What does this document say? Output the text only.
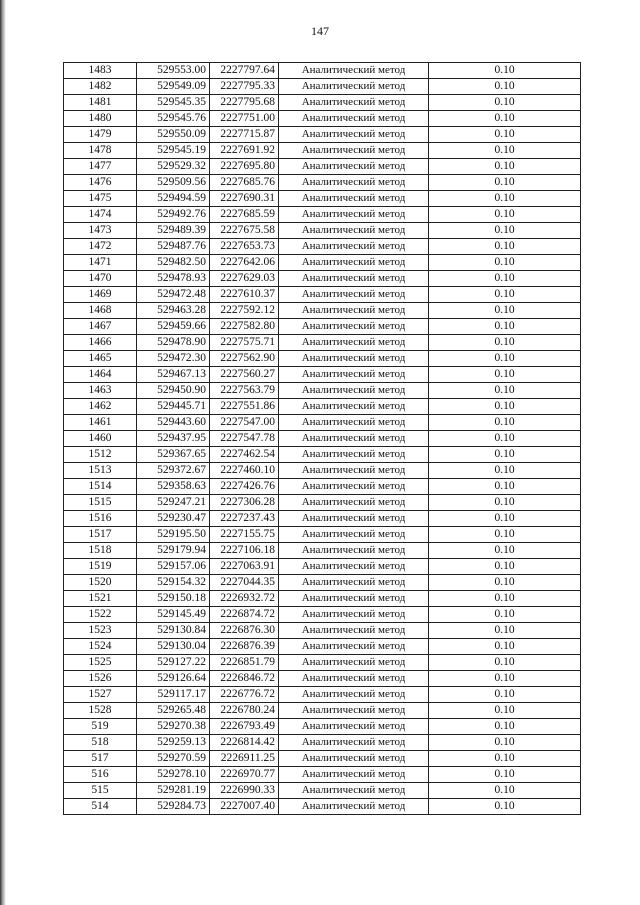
147
1483	529553.00	2227797.64	Аналитический метод	0.10
1482	529549.09	2227795.33	Аналитический метод	0.10
1481	529545.35	2227795.68	Аналитический метод	0.10
1480	529545.76	2227751.00	Аналитический метод	0.10
1479	529550.09	2227715.87	Аналитический метод	0.10
1478	529545.19	2227691.92	Аналитический метод	0.10
1477	529529.32	2227695.80	Аналитический метод	0.10
1476	529509.56	2227685.76	Аналитический метод	0.10
1475	529494.59	2227690.31	Аналитический метод	0.10
1474	529492.76	2227685.59	Аналитический метод	0.10
1473	529489.39	2227675.58	Аналитический метод	0.10
1472	529487.76	2227653.73	Аналитический метод	0.10
1471	529482.50	2227642.06	Аналитический метод	0.10
1470	529478.93	2227629.03	Аналитический метод	0.10
1469	529472.48	2227610.37	Аналитический метод	0.10
1468	529463.28	2227592.12	Аналитический метод	0.10
1467	529459.66	2227582.80	Аналитический метод	0.10
1466	529478.90	2227575.71	Аналитический метод	0.10
1465	529472.30	2227562.90	Аналитический метод	0.10
1464	529467.13	2227560.27	Аналитический метод	0.10
1463	529450.90	2227563.79	Аналитический метод	0.10
1462	529445.71	2227551.86	Аналитический метод	0.10
1461	529443.60	2227547.00	Аналитический метод	0.10
1460	529437.95	2227547.78	Аналитический метод	0.10
1512	529367.65	2227462.54	Аналитический метод	0.10
1513	529372.67	2227460.10	Аналитический метод	0.10
1514	529358.63	2227426.76	Аналитический метод	0.10
1515	529247.21	2227306.28	Аналитический метод	0.10
1516	529230.47	2227237.43	Аналитический метод	0.10
1517	529195.50	2227155.75	Аналитический метод	0.10
1518	529179.94	2227106.18	Аналитический метод	0.10
1519	529157.06	2227063.91	Аналитический метод	0.10
1520	529154.32	2227044.35	Аналитический метод	0.10
1521	529150.18	2226932.72	Аналитический метод	0.10
1522	529145.49	2226874.72	Аналитический метод	0.10
1523	529130.84	2226876.30	Аналитический метод	0.10
1524	529130.04	2226876.39	Аналитический метод	0.10
1525	529127.22	2226851.79	Аналитический метод	0.10
1526	529126.64	2226846.72	Аналитический метод	0.10
1527	529117.17	2226776.72	Аналитический метод	0.10
1528	529265.48	2226780.24	Аналитический метод	0.10
519	529270.38	2226793.49	Аналитический метод	0.10
518	529259.13	2226814.42	Аналитический метод	0.10
517	529270.59	2226911.25	Аналитический метод	0.10
516	529278.10	2226970.77	Аналитический метод	0.10
515	529281.19	2226990.33	Аналитический метод	0.10
514	529284.73	2227007.40	Аналитический метод	0.10
